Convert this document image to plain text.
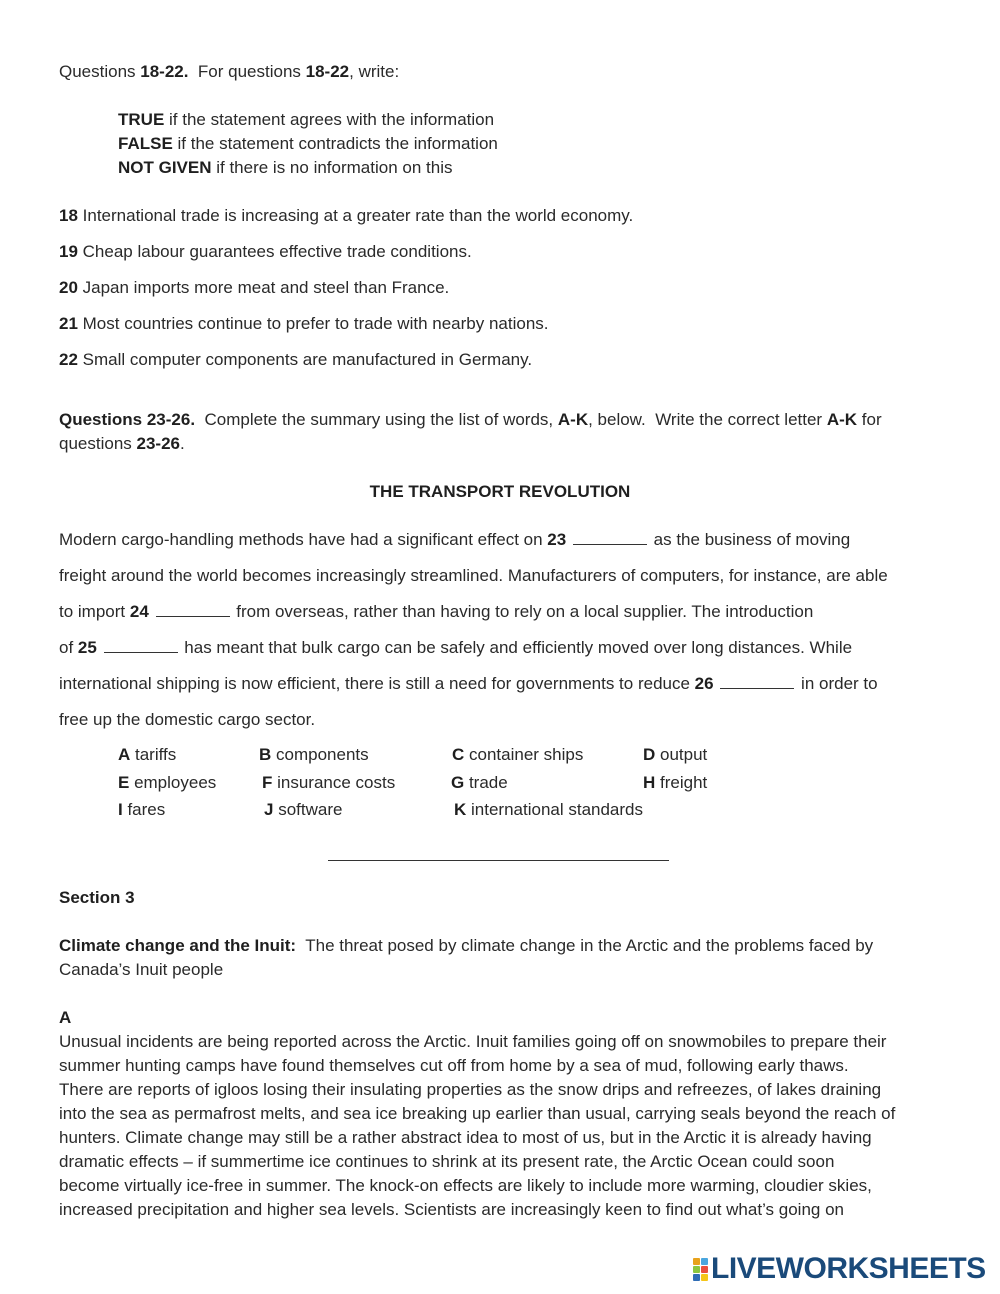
Questions 18-22.  For questions 18-22, write:
TRUE if the statement agrees with the information
FALSE if the statement contradicts the information
NOT GIVEN if there is no information on this
18 International trade is increasing at a greater rate than the world economy.
19 Cheap labour guarantees effective trade conditions.
20 Japan imports more meat and steel than France.
21 Most countries continue to prefer to trade with nearby nations.
22 Small computer components are manufactured in Germany.
Questions 23-26.  Complete the summary using the list of words, A-K, below.  Write the correct letter A-K for
questions 23-26.
THE TRANSPORT REVOLUTION
Modern cargo-handling methods have had a significant effect on 23	as the business of moving
freight around the world becomes increasingly streamlined. Manufacturers of computers, for instance, are able
to import 24	from overseas, rather than having to rely on a local supplier. The introduction
of 25	has meant that bulk cargo can be safely and efficiently moved over long distances. While
international shipping is now efficient, there is still a need for governments to reduce 26	in order to
free up the domestic cargo sector.
A tariffs	B components	C container ships	D output
E employees	F insurance costs	G trade	H freight
I fares	J software	K international standards
Section 3
Climate change and the Inuit:  The threat posed by climate change in the Arctic and the problems faced by
Canada’s Inuit people
A
Unusual incidents are being reported across the Arctic. Inuit families going off on snowmobiles to prepare their
summer hunting camps have found themselves cut off from home by a sea of mud, following early thaws.
There are reports of igloos losing their insulating properties as the snow drips and refreezes, of lakes draining
into the sea as permafrost melts, and sea ice breaking up earlier than usual, carrying seals beyond the reach of
hunters. Climate change may still be a rather abstract idea to most of us, but in the Arctic it is already having
dramatic effects – if summertime ice continues to shrink at its present rate, the Arctic Ocean could soon
become virtually ice-free in summer. The knock-on effects are likely to include more warming, cloudier skies,
increased precipitation and higher sea levels. Scientists are increasingly keen to find out what’s going on
LIVEWORKSHEETS
